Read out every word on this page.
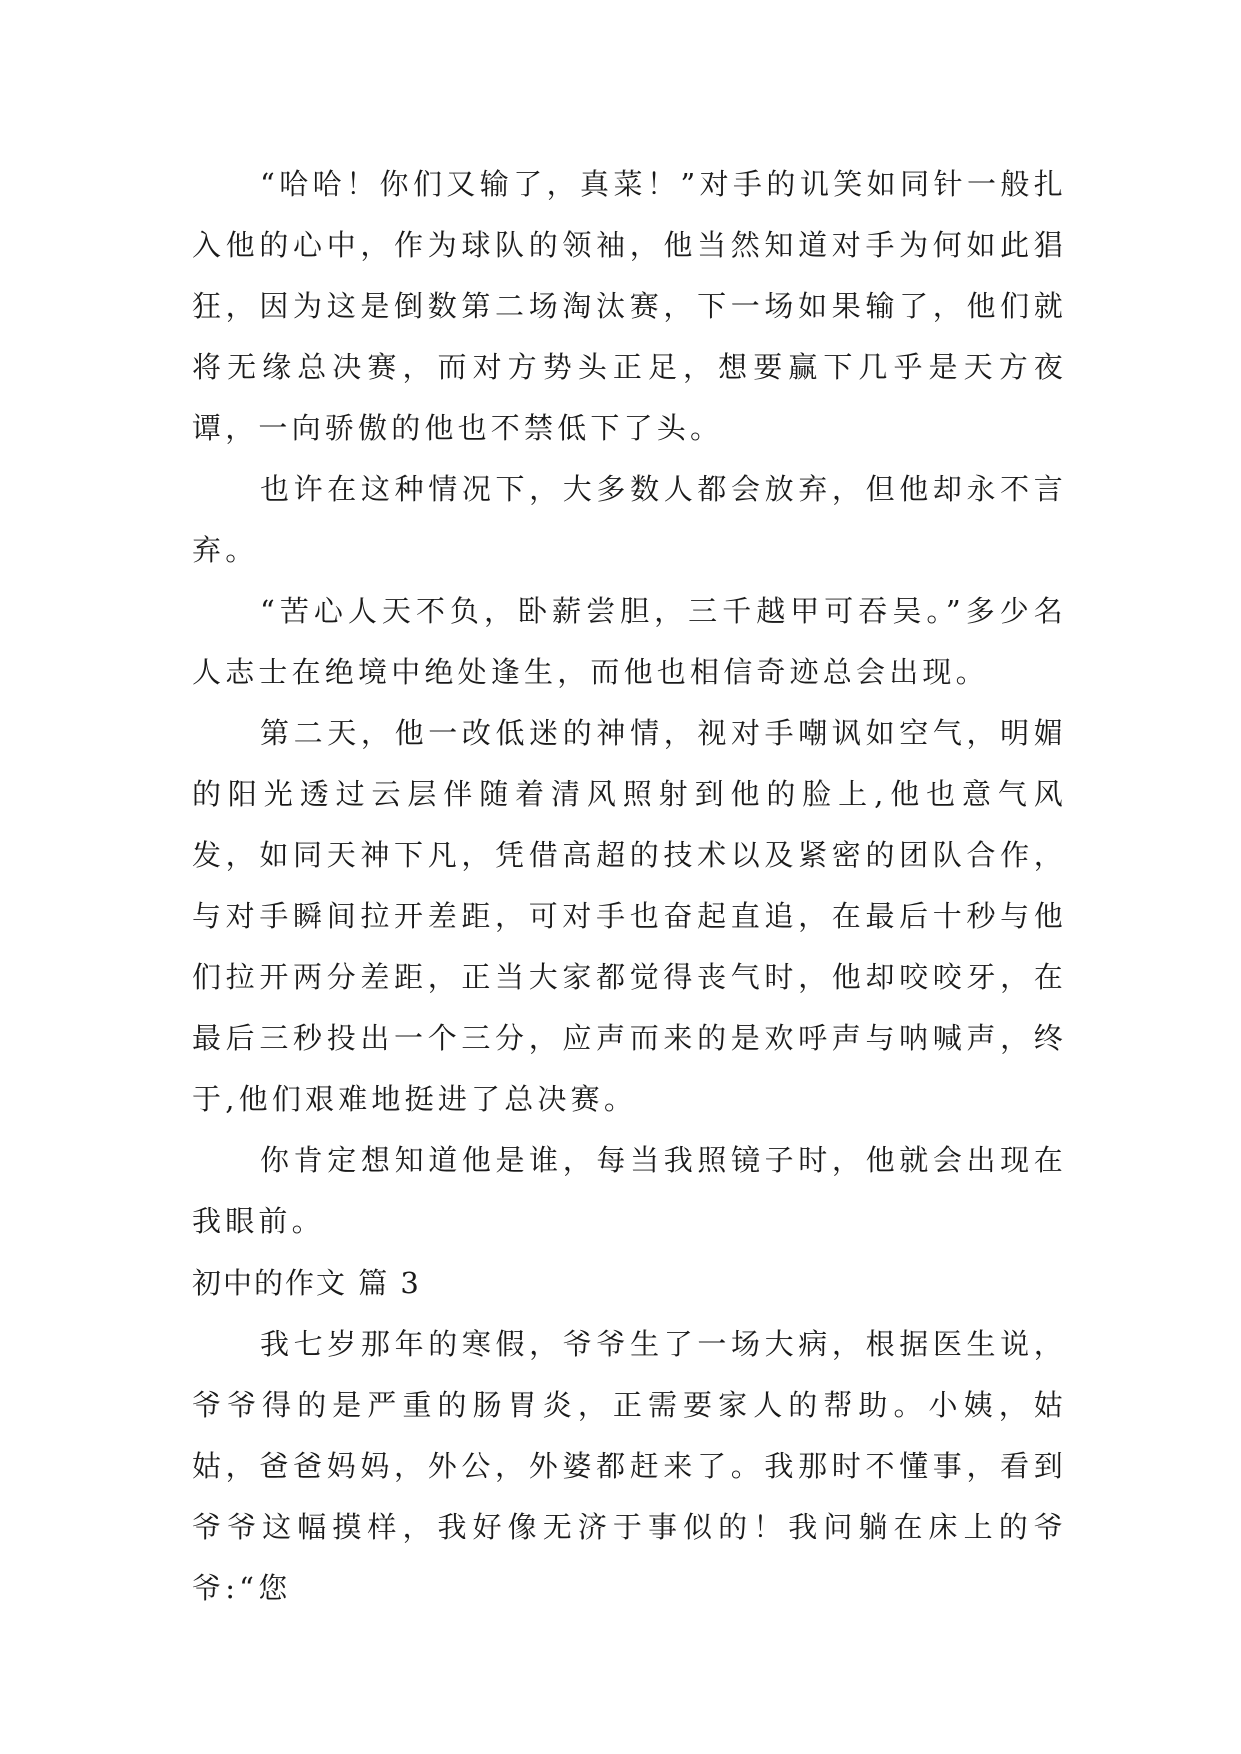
“哈哈！你们又输了，真菜！”对手的讥笑如同针一般扎入他的心中，作为球队的领袖，他当然知道对手为何如此猖狂，因为这是倒数第二场淘汰赛，下一场如果输了，他们就将无缘总决赛，而对方势头正足，想要赢下几乎是天方夜谭，一向骄傲的他也不禁低下了头。

也许在这种情况下，大多数人都会放弃，但他却永不言弃。

“苦心人天不负，卧薪尝胆，三千越甲可吞吴。”多少名人志士在绝境中绝处逢生，而他也相信奇迹总会出现。

第二天，他一改低迷的神情，视对手嘲讽如空气，明媚的阳光透过云层伴随着清风照射到他的脸上,他也意气风发，如同天神下凡，凭借高超的技术以及紧密的团队合作，与对手瞬间拉开差距，可对手也奋起直追，在最后十秒与他们拉开两分差距，正当大家都觉得丧气时，他却咬咬牙，在最后三秒投出一个三分，应声而来的是欢呼声与呐喊声，终于,他们艰难地挺进了总决赛。

你肯定想知道他是谁，每当我照镜子时，他就会出现在我眼前。

初中的作文 篇 3

我七岁那年的寒假，爷爷生了一场大病，根据医生说，爷爷得的是严重的肠胃炎，正需要家人的帮助。小姨，姑姑，爸爸妈妈，外公，外婆都赶来了。我那时不懂事，看到爷爷这幅摸样，我好像无济于事似的！我问躺在床上的爷爷:“您
